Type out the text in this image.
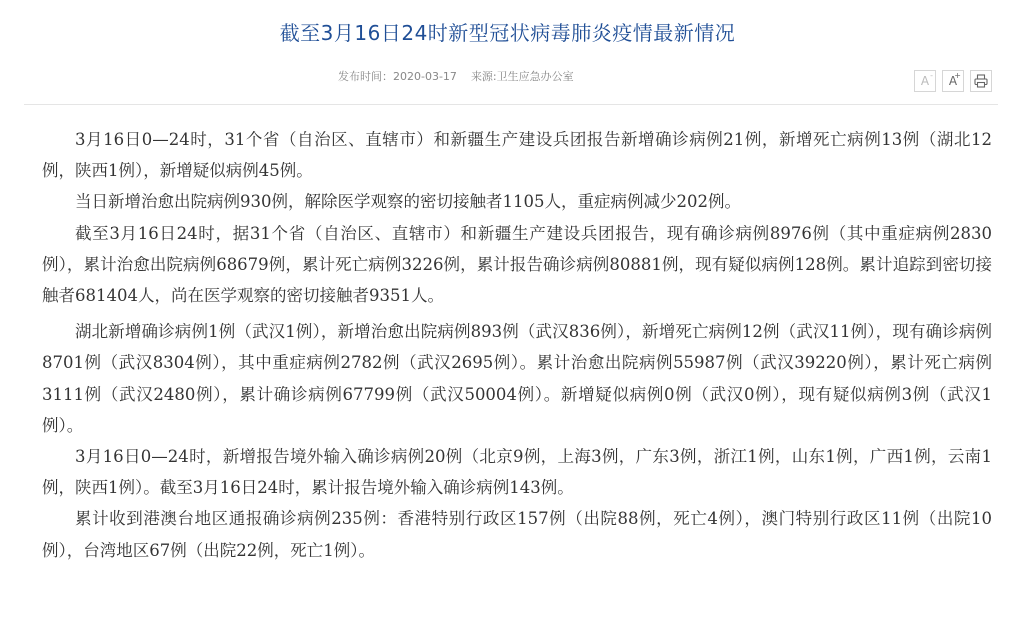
截至3月16日24时新型冠状病毒肺炎疫情最新情况
发布时间：2020-03-17 来源:卫生应急办公室	A - A
+

3月16日0—24时，31个省（自治区、直辖市）和新疆生产建设兵团报告新增确诊病例21例，新增死亡病例13例（湖北12例，陕西1例），新增疑似病例45例。

当日新增治愈出院病例930例，解除医学观察的密切接触者1105人，重症病例减少202例。

截至3月16日24时，据31个省（自治区、直辖市）和新疆生产建设兵团报告，现有确诊病例8976例（其中重症病例2830例），累计治愈出院病例68679例，累计死亡病例3226例，累计报告确诊病例80881例，现有疑似病例128例。累计追踪到密切接触者681404人，尚在医学观察的密切接触者9351人。

湖北新增确诊病例1例（武汉1例），新增治愈出院病例893例（武汉836例），新增死亡病例12例（武汉11例），现有确诊病例8701例（武汉8304例），其中重症病例2782例（武汉2695例）。累计治愈出院病例55987例（武汉39220例），累计死亡病例3111例（武汉2480例），累计确诊病例67799例（武汉50004例）。新增疑似病例0例（武汉0例），现有疑似病例3例（武汉1例）。

3月16日0—24时，新增报告境外输入确诊病例20例（北京9例，上海3例，广东3例，浙江1例，山东1例，广西1例，云南1例，陕西1例）。截至3月16日24时，累计报告境外输入确诊病例143例。

累计收到港澳台地区通报确诊病例235例：香港特别行政区157例（出院88例，死亡4例），澳门特别行政区11例（出院10例），台湾地区67例（出院22例，死亡1例）。
